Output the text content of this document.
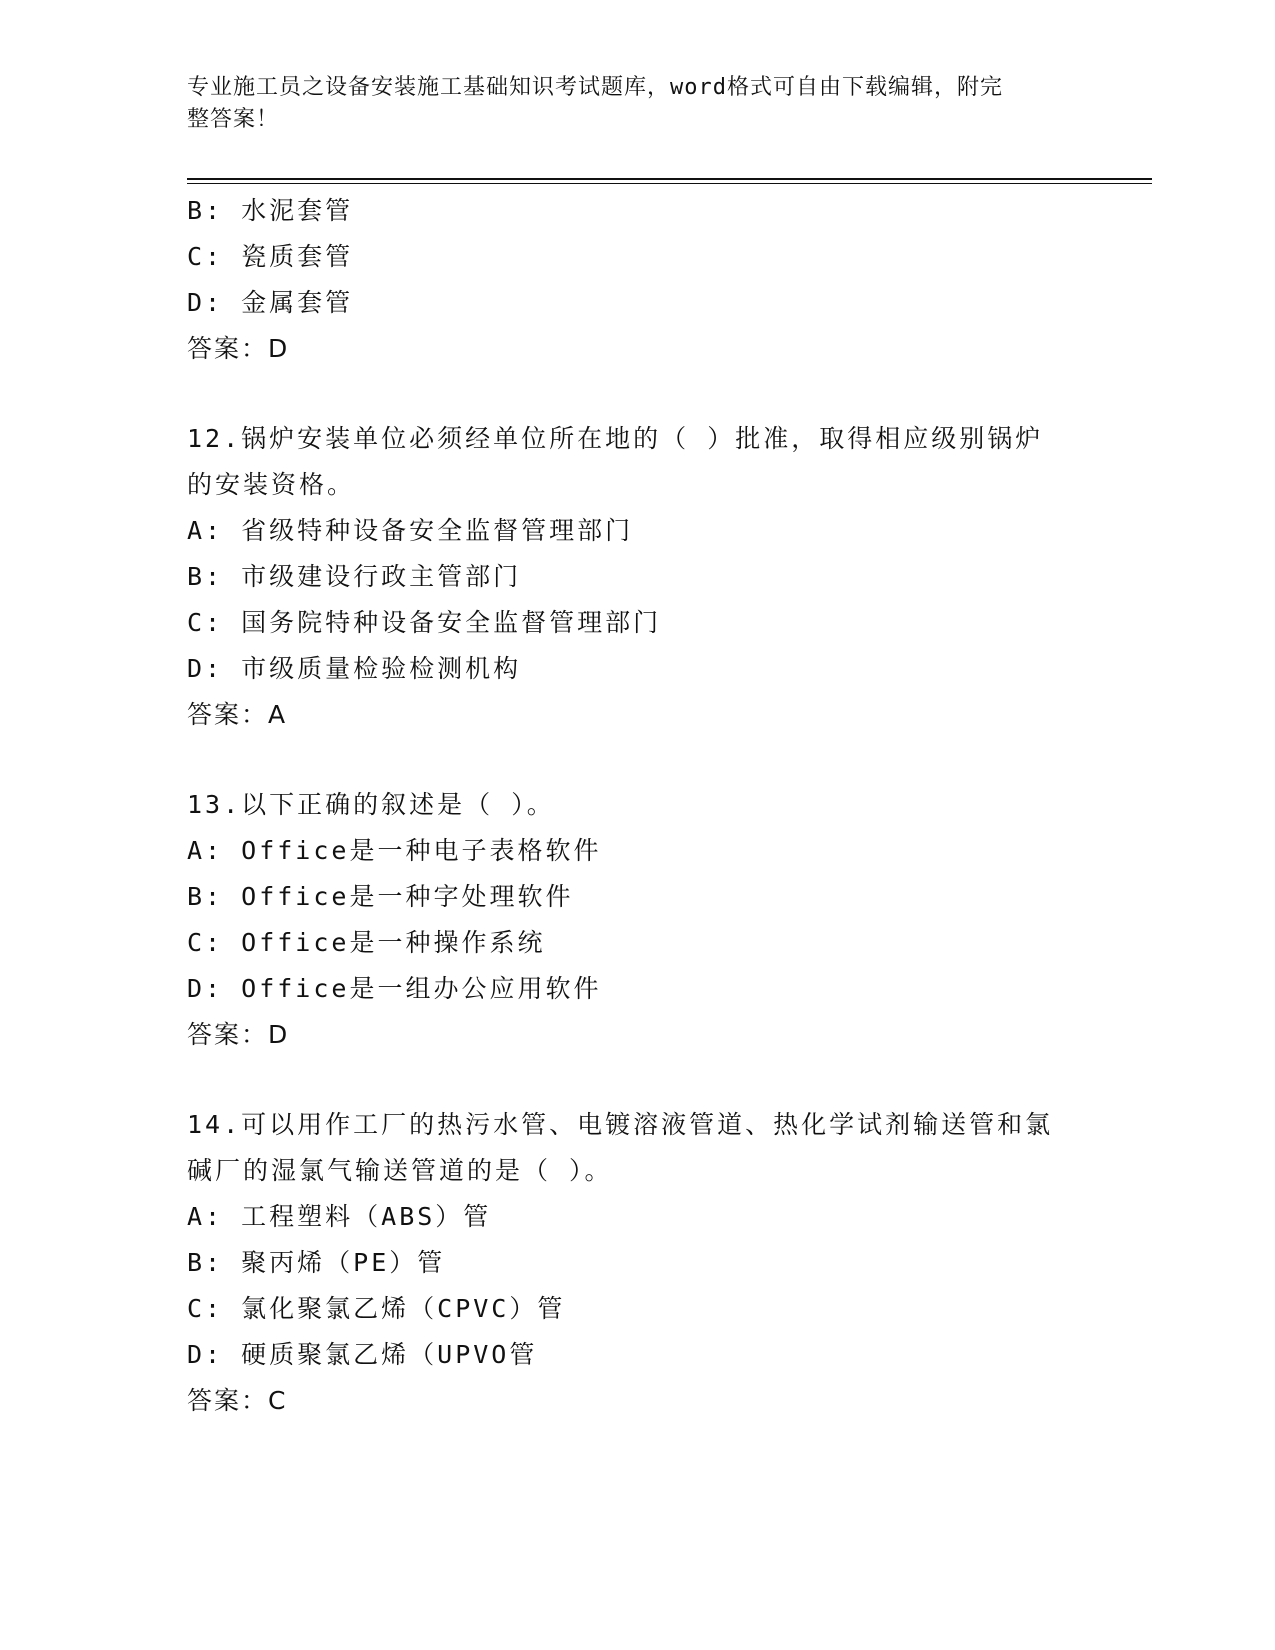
专业施工员之设备安装施工基础知识考试题库，word格式可自由下载编辑，附完
整答案！
B: 水泥套管
C: 瓷质套管
D: 金属套管
答案：D
12.锅炉安装单位必须经单位所在地的（ ）批准，取得相应级别锅炉
的安装资格。
A: 省级特种设备安全监督管理部门
B: 市级建设行政主管部门
C: 国务院特种设备安全监督管理部门
D: 市级质量检验检测机构
答案：A
13.以下正确的叙述是（ ）。
A: Office是一种电子表格软件
B: Office是一种字处理软件
C: Office是一种操作系统
D: Office是一组办公应用软件
答案：D
14.可以用作工厂的热污水管、电镀溶液管道、热化学试剂输送管和氯
碱厂的湿氯气输送管道的是（ ）。
A: 工程塑料（ABS）管
B: 聚丙烯（PE）管
C: 氯化聚氯乙烯（CPVC）管
D: 硬质聚氯乙烯（UPVO管
答案：C
